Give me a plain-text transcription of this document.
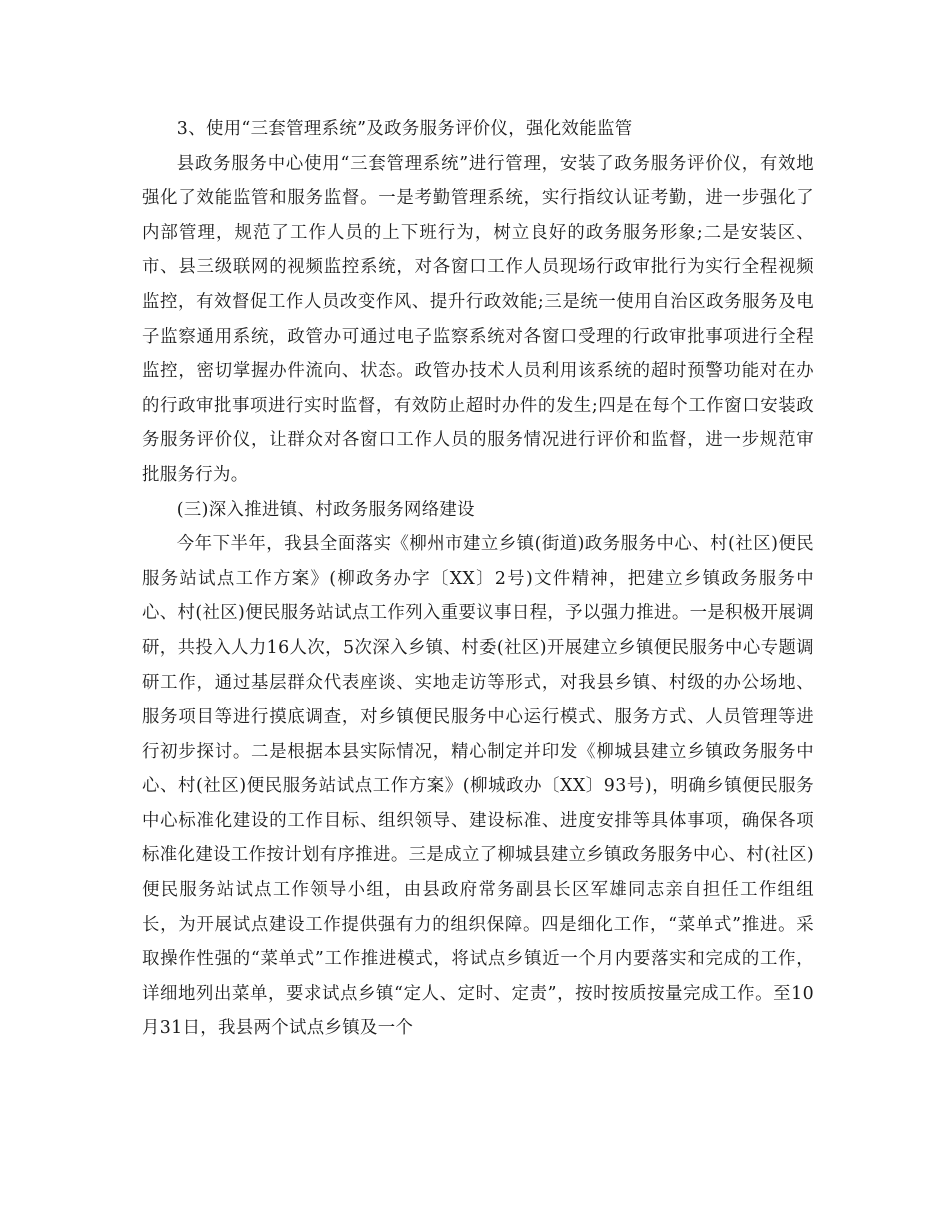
3、使用“三套管理系统”及政务服务评价仪，强化效能监管

县政务服务中心使用“三套管理系统”进行管理，安装了政务服务评价仪，有效地强化了效能监管和服务监督。一是考勤管理系统，实行指纹认证考勤，进一步强化了内部管理，规范了工作人员的上下班行为，树立良好的政务服务形象;二是安装区、市、县三级联网的视频监控系统，对各窗口工作人员现场行政审批行为实行全程视频监控，有效督促工作人员改变作风、提升行政效能;三是统一使用自治区政务服务及电子监察通用系统，政管办可通过电子监察系统对各窗口受理的行政审批事项进行全程监控，密切掌握办件流向、状态。政管办技术人员利用该系统的超时预警功能对在办的行政审批事项进行实时监督，有效防止超时办件的发生;四是在每个工作窗口安装政务服务评价仪，让群众对各窗口工作人员的服务情况进行评价和监督，进一步规范审批服务行为。

(三)深入推进镇、村政务服务网络建设

今年下半年，我县全面落实《柳州市建立乡镇(街道)政务服务中心、村(社区)便民服务站试点工作方案》(柳政务办字〔XX〕2号)文件精神，把建立乡镇政务服务中心、村(社区)便民服务站试点工作列入重要议事日程，予以强力推进。一是积极开展调研，共投入人力16人次，5次深入乡镇、村委(社区)开展建立乡镇便民服务中心专题调研工作，通过基层群众代表座谈、实地走访等形式，对我县乡镇、村级的办公场地、服务项目等进行摸底调查，对乡镇便民服务中心运行模式、服务方式、人员管理等进行初步探讨。二是根据本县实际情况，精心制定并印发《柳城县建立乡镇政务服务中心、村(社区)便民服务站试点工作方案》(柳城政办〔XX〕93号)，明确乡镇便民服务中心标准化建设的工作目标、组织领导、建设标准、进度安排等具体事项，确保各项标准化建设工作按计划有序推进。三是成立了柳城县建立乡镇政务服务中心、村(社区)便民服务站试点工作领导小组，由县政府常务副县长区军雄同志亲自担任工作组组长，为开展试点建设工作提供强有力的组织保障。四是细化工作，“菜单式”推进。采取操作性强的“菜单式”工作推进模式，将试点乡镇近一个月内要落实和完成的工作，详细地列出菜单，要求试点乡镇“定人、定时、定责”，按时按质按量完成工作。至10月31日，我县两个试点乡镇及一个
